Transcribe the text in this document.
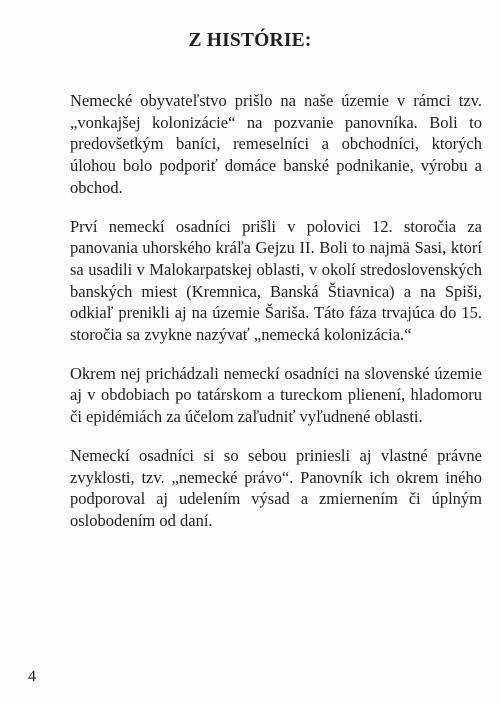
Z HISTÓRIE:

Nemecké obyvateľstvo prišlo na naše územie v rámci tzv. „vonkajšej kolonizácie“ na pozvanie panovníka. Boli to predovšetkým baníci, remeselníci a obchodníci, ktorých úlohou bolo podporiť domáce banské podnikanie, výrobu a obchod.

Prví nemeckí osadníci prišli v polovici 12. storočia za panovania uhorského kráľa Gejzu II. Boli to najmä Sasi, ktorí sa usadili v Malokarpatskej oblasti, v okolí stredoslovenských banských miest (Kremnica, Banská Štiavnica) a na Spiši, odkiaľ prenikli aj na územie Šariša. Táto fáza trvajúca do 15. storočia sa zvykne nazývať „nemecká kolonizácia.“

Okrem nej prichádzali nemeckí osadníci na slovenské územie aj v obdobiach po tatárskom a tureckom plienení, hladomoru či epidémiách za účelom zaľudniť vyľudnené oblasti.

Nemeckí osadníci si so sebou priniesli aj vlastné právne zvyklosti, tzv. „nemecké právo“. Panovník ich okrem iného podporoval aj udelením výsad a zmiernením či úplným oslobodením od daní.

4
